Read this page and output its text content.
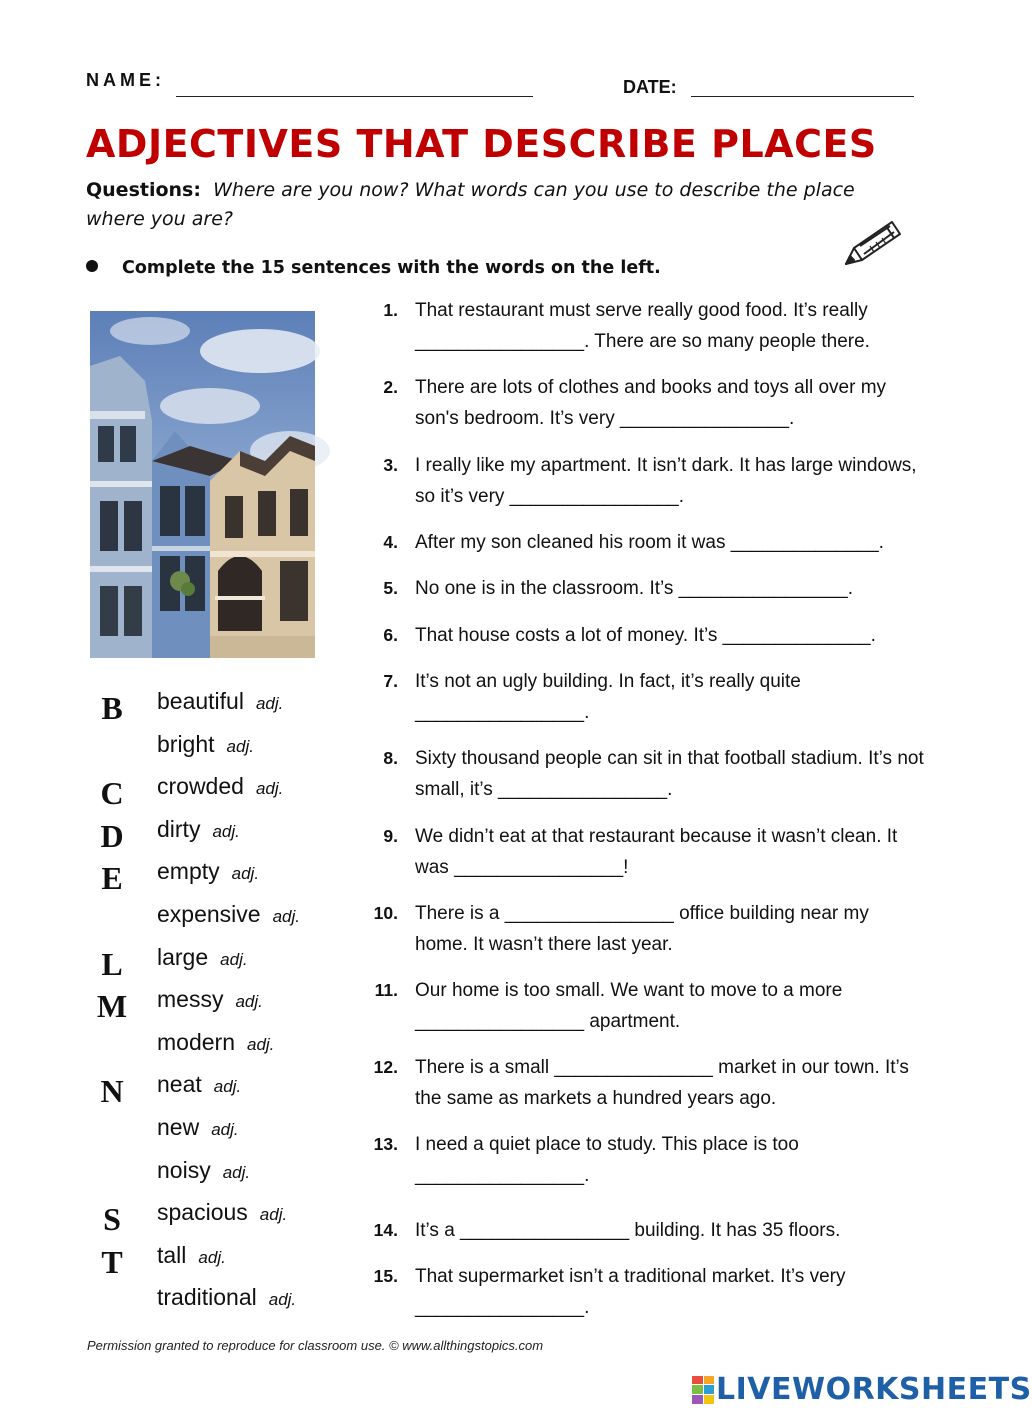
NAME:	DATE:
ADJECTIVES THAT DESCRIBE PLACES
Questions: Where are you now? What words can you use to describe the place where you are?
Complete the 15 sentences with the words on the left.
B	beautiful adj.
bright adj.
C	crowded adj.
D	dirty adj.
E	empty adj.
expensive adj.
L	large adj.
M	messy adj.
modern adj.
N	neat adj.
new adj.
noisy adj.
S	spacious adj.
T	tall adj.
traditional adj.
1. That restaurant must serve really good food. It’s really ________________. There are so many people there.
2. There are lots of clothes and books and toys all over my son's bedroom. It’s very ________________.
3. I really like my apartment. It isn’t dark. It has large windows, so it’s very ________________.
4. After my son cleaned his room it was ______________.
5. No one is in the classroom. It’s ________________.
6. That house costs a lot of money. It’s ______________.
7. It’s not an ugly building. In fact, it’s really quite ________________.
8. Sixty thousand people can sit in that football stadium. It’s not small, it’s ________________.
9. We didn’t eat at that restaurant because it wasn’t clean. It was ________________!
10. There is a ________________ office building near my home. It wasn’t there last year.
11. Our home is too small. We want to move to a more ________________ apartment.
12. There is a small _______________ market in our town. It’s the same as markets a hundred years ago.
13. I need a quiet place to study. This place is too ________________.
14. It’s a ________________ building. It has 35 floors.
15. That supermarket isn’t a traditional market. It’s very ________________.
Permission granted to reproduce for classroom use. © www.allthingstopics.com
LIVEWORKSHEETS
